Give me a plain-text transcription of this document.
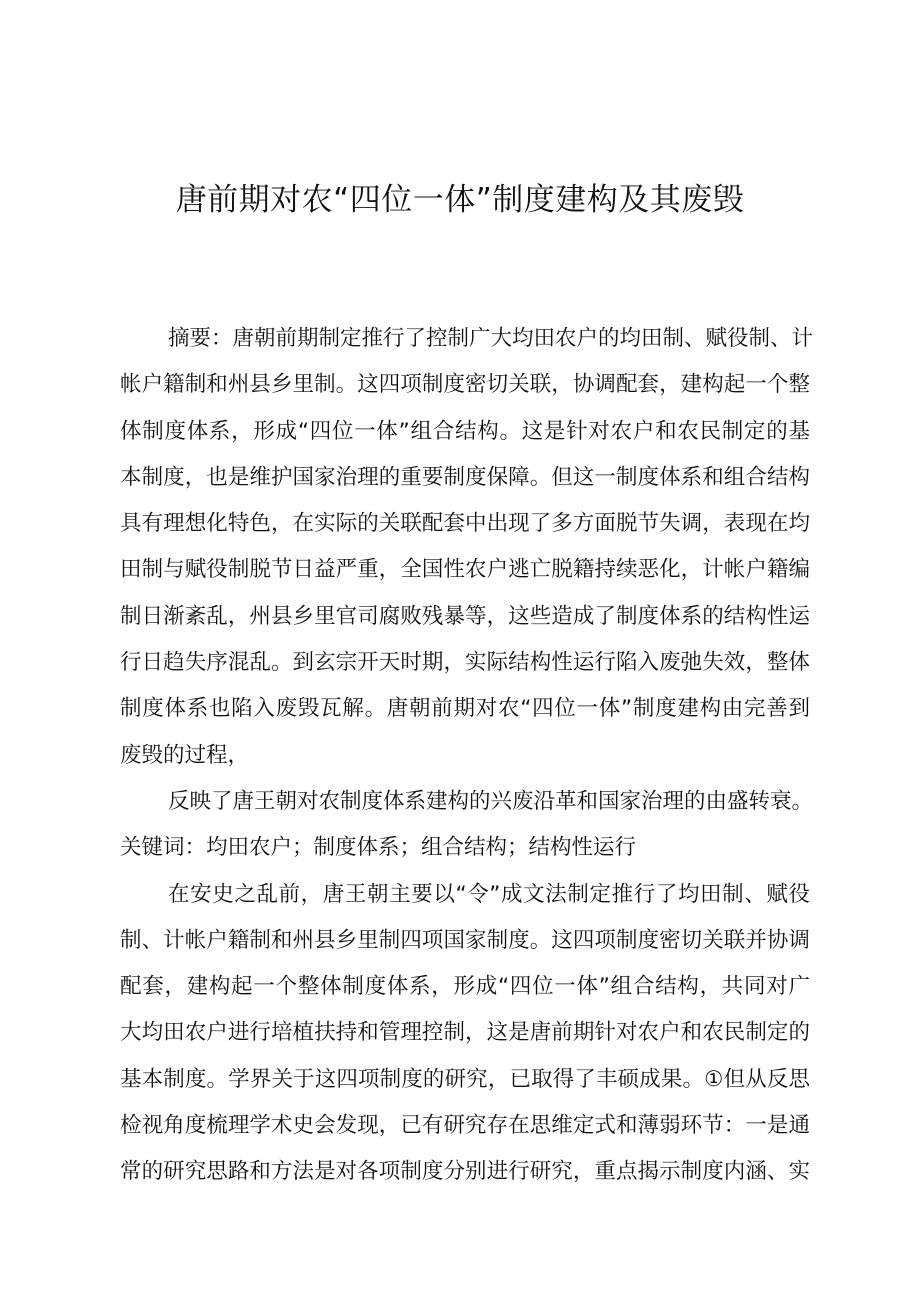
唐前期对农“四位一体”制度建构及其废毁
摘要：唐朝前期制定推行了控制广大均田农户的均田制、赋役制、计
帐户籍制和州县乡里制。这四项制度密切关联，协调配套，建构起一个整
体制度体系，形成“四位一体”组合结构。这是针对农户和农民制定的基
本制度，也是维护国家治理的重要制度保障。但这一制度体系和组合结构
具有理想化特色，在实际的关联配套中出现了多方面脱节失调，表现在均
田制与赋役制脱节日益严重，全国性农户逃亡脱籍持续恶化，计帐户籍编
制日渐紊乱，州县乡里官司腐败残暴等，这些造成了制度体系的结构性运
行日趋失序混乱。到玄宗开天时期，实际结构性运行陷入废弛失效，整体
制度体系也陷入废毁瓦解。唐朝前期对农“四位一体”制度建构由完善到
废毁的过程，
反映了唐王朝对农制度体系建构的兴废沿革和国家治理的由盛转衰。
关键词：均田农户；制度体系；组合结构；结构性运行
在安史之乱前，唐王朝主要以“令”成文法制定推行了均田制、赋役
制、计帐户籍制和州县乡里制四项国家制度。这四项制度密切关联并协调
配套，建构起一个整体制度体系，形成“四位一体”组合结构，共同对广
大均田农户进行培植扶持和管理控制，这是唐前期针对农户和农民制定的
基本制度。学界关于这四项制度的研究，已取得了丰硕成果。①但从反思
检视角度梳理学术史会发现，已有研究存在思维定式和薄弱环节：一是通
常的研究思路和方法是对各项制度分别进行研究，重点揭示制度内涵、实
